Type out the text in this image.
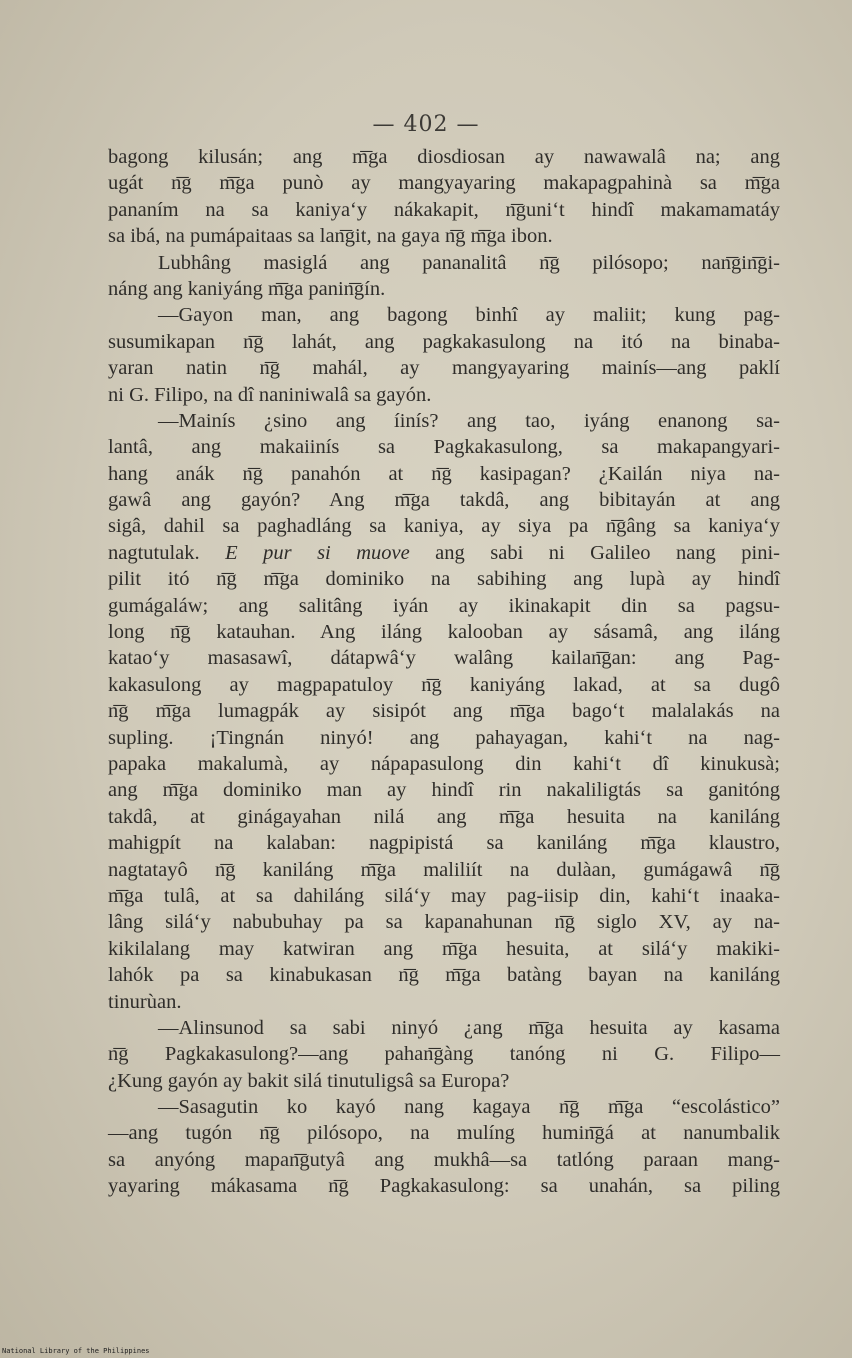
— 402 —
bagong kilusán; ang m͞ga diosdiosan ay nawawalâ na; ang
ugát n͞g m͞ga punò ay mangyayaring makapagpahinà sa m͞ga
pananím na sa kaniya‘y nákakapit, n͞guni‘t hindî makamamatáy
sa ibá, na pumápaitaas sa lan͞git, na gaya n͞g m͞ga ibon.
Lubhâng masiglá ang pananalitâ n͞g pilósopo; nan͞gin͞gi-
náng ang kaniyáng m͞ga panin͞gín.
—Gayon man, ang bagong binhî ay maliit; kung pag-
susumikapan n͞g lahát, ang pagkakasulong na itó na binaba-
yaran natin n͞g mahál, ay mangyayaring mainís—ang paklí
ni G. Filipo, na dî naniniwalâ sa gayón.
—Mainís ¿sino ang íinís? ang tao, iyáng enanong sa-
lantâ, ang makaiinís sa Pagkakasulong, sa makapangyari-
hang anák n͞g panahón at n͞g kasipagan? ¿Kailán niya na-
gawâ ang gayón? Ang m͞ga takdâ, ang bibitayán at ang
sigâ, dahil sa paghadláng sa kaniya, ay siya pa n͞gâng sa kaniya‘y
nagtutulak. E pur si muove ang sabi ni Galileo nang pini-
pilit itó n͞g m͞ga dominiko na sabihing ang lupà ay hindî
gumágaláw; ang salitâng iyán ay ikinakapit din sa pagsu-
long n͞g katauhan. Ang iláng kalooban ay sásamâ, ang iláng
katao‘y masasawî, dátapwâ‘y walâng kailan͞gan: ang Pag-
kakasulong ay magpapatuloy n͞g kaniyáng lakad, at sa dugô
n͞g m͞ga lumagpák ay sisipót ang m͞ga bago‘t malalakás na
supling. ¡Tingnán ninyó! ang pahayagan, kahi‘t na nag-
papaka makalumà, ay nápapasulong din kahi‘t dî kinukusà;
ang m͞ga dominiko man ay hindî rin nakaliligtás sa ganitóng
takdâ, at ginágayahan nilá ang m͞ga hesuita na kaniláng
mahigpít na kalaban: nagpipistá sa kaniláng m͞ga klaustro,
nagtatayô n͞g kaniláng m͞ga maliliít na dulàan, gumágawâ n͞g
m͞ga tulâ, at sa dahiláng silá‘y may pag-iisip din, kahi‘t inaaka-
lâng silá‘y nabubuhay pa sa kapanahunan n͞g siglo XV, ay na-
kikilalang may katwiran ang m͞ga hesuita, at silá‘y makiki-
lahók pa sa kinabukasan n͞g m͞ga batàng bayan na kaniláng
tinurùan.
—Alinsunod sa sabi ninyó ¿ang m͞ga hesuita ay kasama
n͞g Pagkakasulong?—ang pahan͞gàng tanóng ni G. Filipo—
¿Kung gayón ay bakit silá tinutuligsâ sa Europa?
—Sasagutin ko kayó nang kagaya n͞g m͞ga “escolástico”
—ang tugón n͞g pilósopo, na mulíng humin͞gá at nanumbalik
sa anyóng mapan͞gutyâ ang mukhâ—sa tatlóng paraan mang-
yayaring mákasama n͞g Pagkakasulong: sa unahán, sa piling
National Library of the Philippines
